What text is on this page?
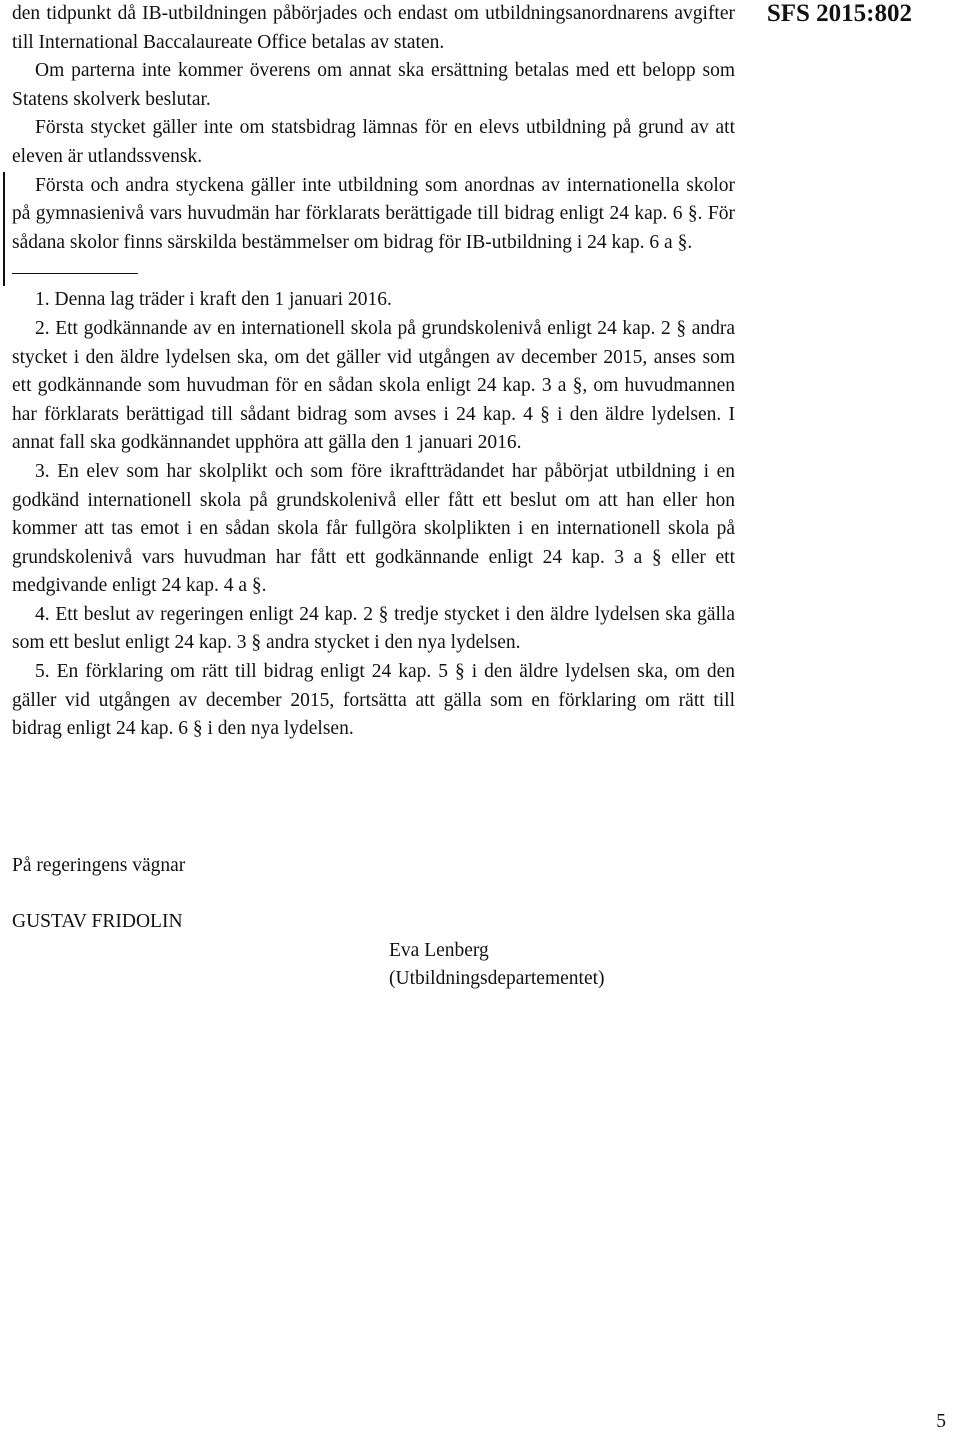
SFS 2015:802

den tidpunkt då IB-utbildningen påbörjades och endast om utbildningsanordnarens avgifter till International Baccalaureate Office betalas av staten.

Om parterna inte kommer överens om annat ska ersättning betalas med ett belopp som Statens skolverk beslutar.

Första stycket gäller inte om statsbidrag lämnas för en elevs utbildning på grund av att eleven är utlandssvensk.

Första och andra styckena gäller inte utbildning som anordnas av internationella skolor på gymnasienivå vars huvudmän har förklarats berättigade till bidrag enligt 24 kap. 6 §. För sådana skolor finns särskilda bestämmelser om bidrag för IB-utbildning i 24 kap. 6 a §.

1. Denna lag träder i kraft den 1 januari 2016.

2. Ett godkännande av en internationell skola på grundskolenivå enligt 24 kap. 2 § andra stycket i den äldre lydelsen ska, om det gäller vid utgången av december 2015, anses som ett godkännande som huvudman för en sådan skola enligt 24 kap. 3 a §, om huvudmannen har förklarats berättigad till sådant bidrag som avses i 24 kap. 4 § i den äldre lydelsen. I annat fall ska godkännandet upphöra att gälla den 1 januari 2016.

3. En elev som har skolplikt och som före ikraftträdandet har påbörjat utbildning i en godkänd internationell skola på grundskolenivå eller fått ett beslut om att han eller hon kommer att tas emot i en sådan skola får fullgöra skolplikten i en internationell skola på grundskolenivå vars huvudman har fått ett godkännande enligt 24 kap. 3 a § eller ett medgivande enligt 24 kap. 4 a §.

4. Ett beslut av regeringen enligt 24 kap. 2 § tredje stycket i den äldre lydelsen ska gälla som ett beslut enligt 24 kap. 3 § andra stycket i den nya lydelsen.

5. En förklaring om rätt till bidrag enligt 24 kap. 5 § i den äldre lydelsen ska, om den gäller vid utgången av december 2015, fortsätta att gälla som en förklaring om rätt till bidrag enligt 24 kap. 6 § i den nya lydelsen.

På regeringens vägnar
GUSTAV FRIDOLIN
Eva Lenberg
(Utbildningsdepartementet)
5
